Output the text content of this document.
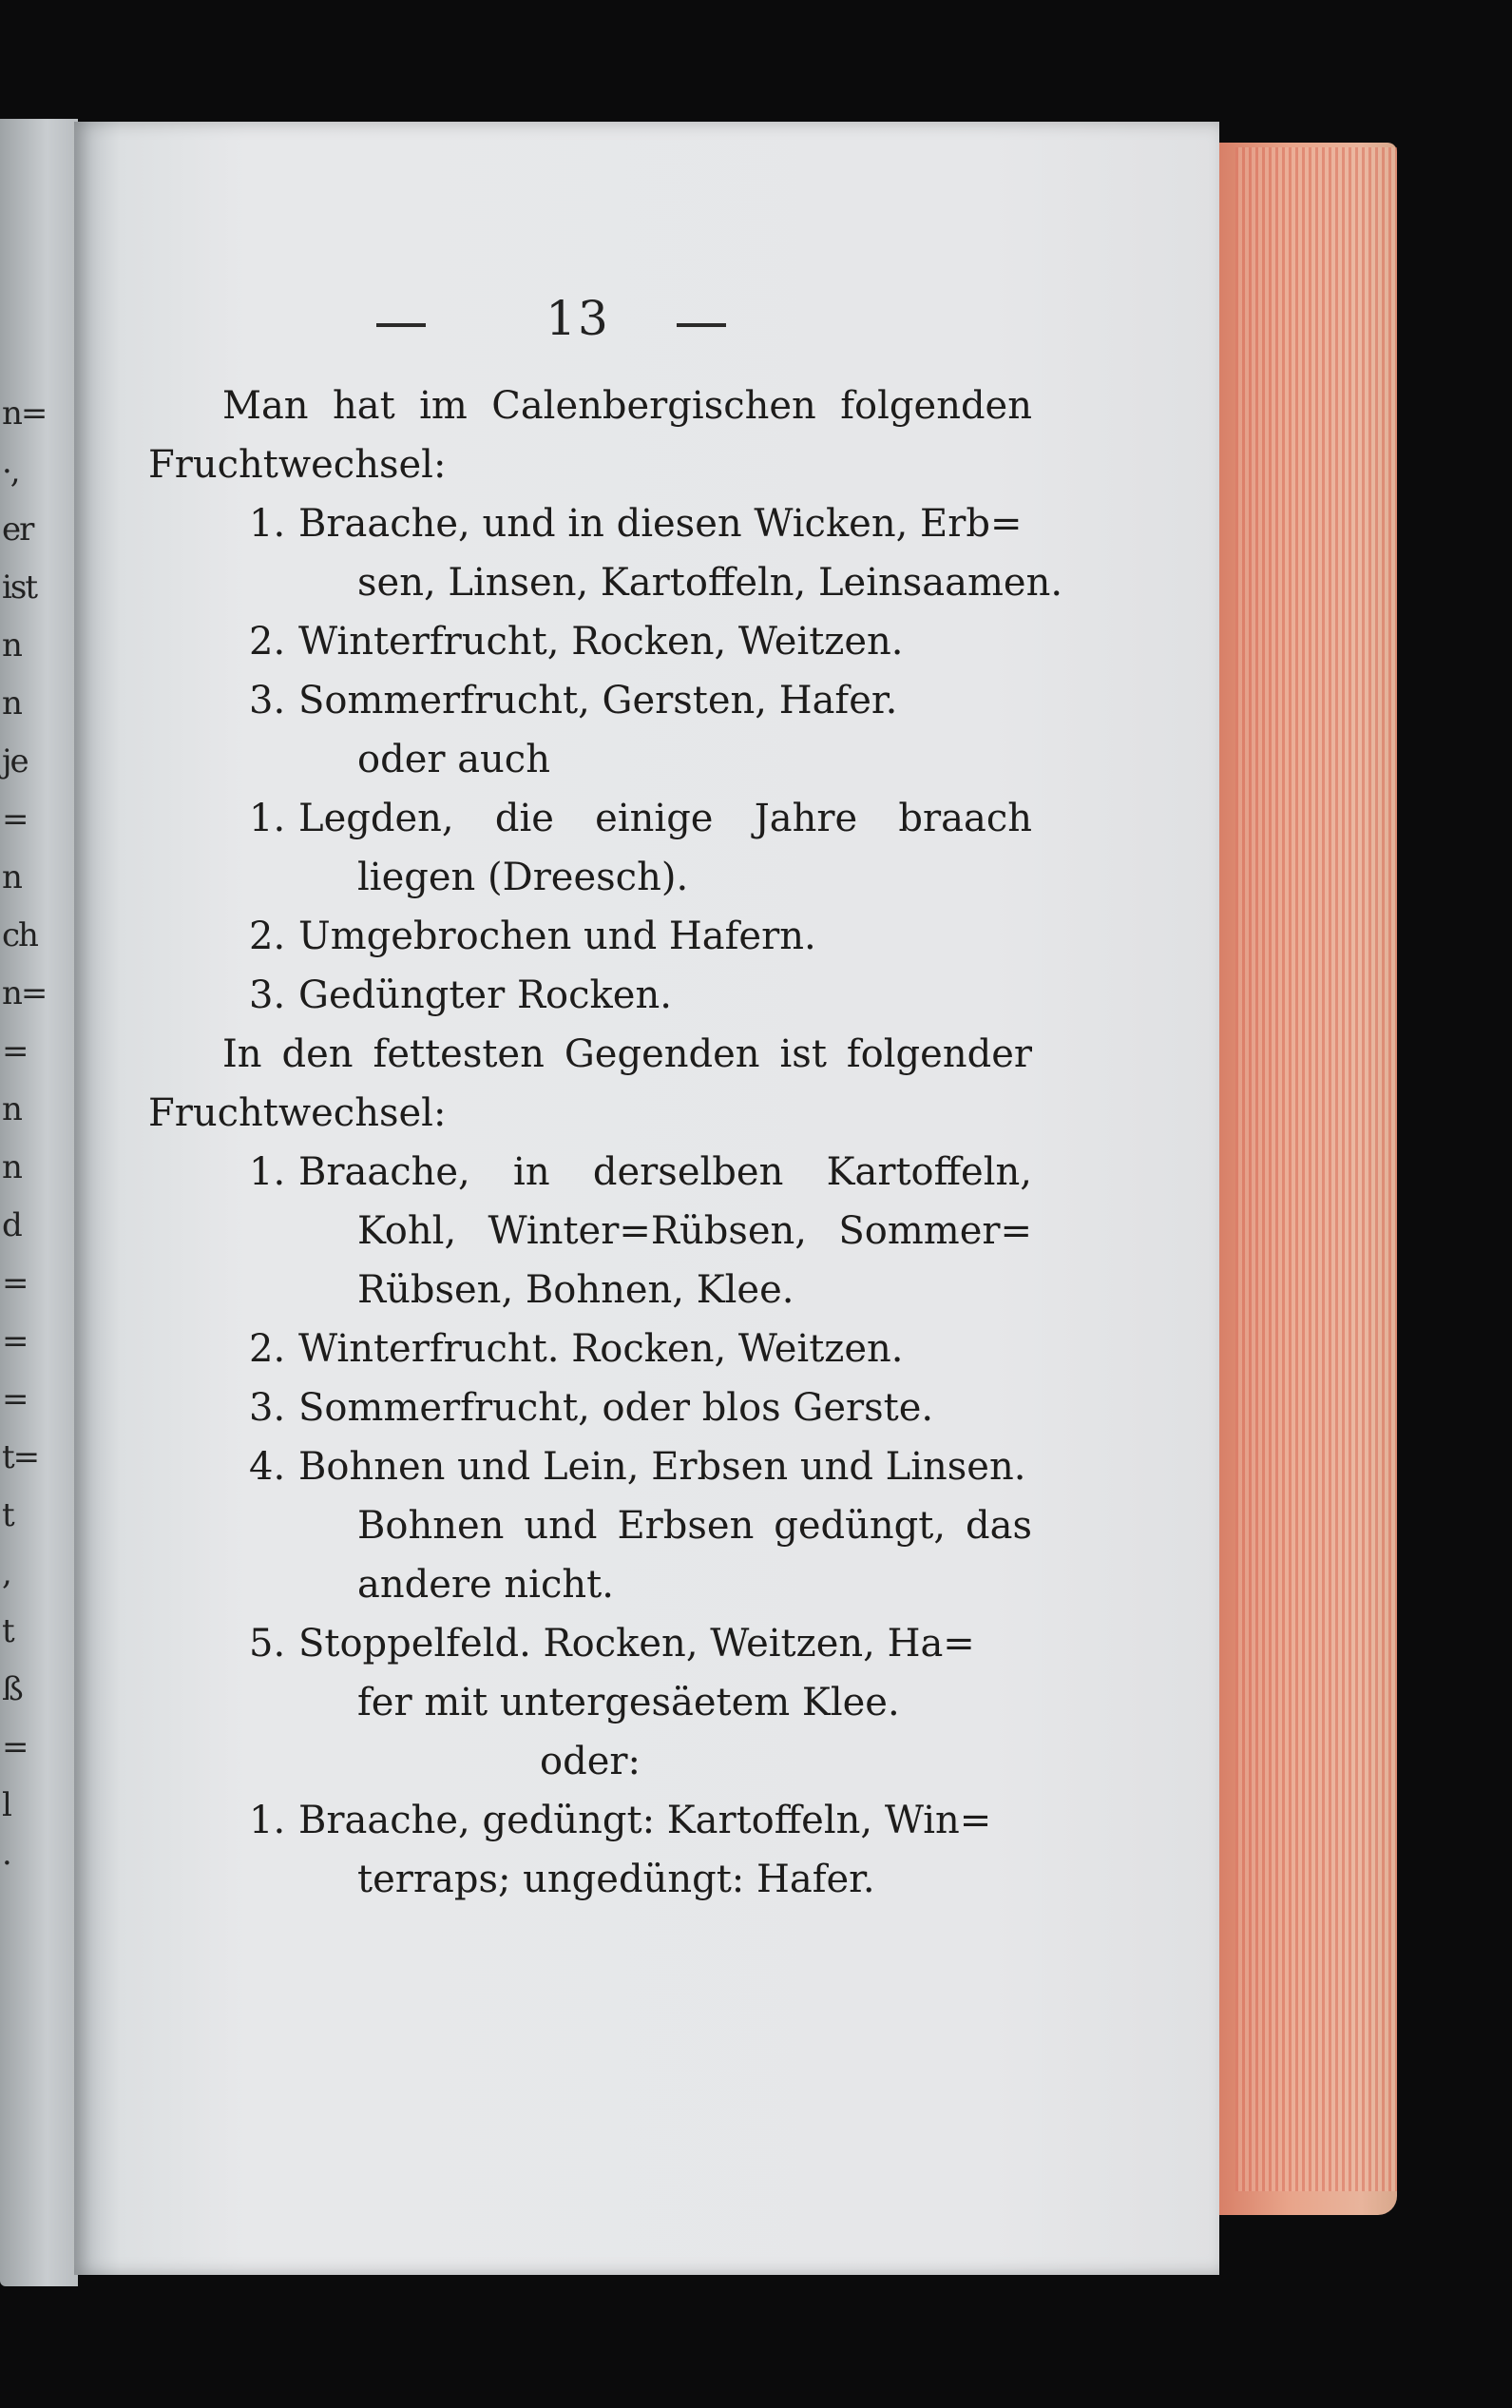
n=
·,
er
ist
n
n
je
=
n
ch
n=
=
n
n
d
=
=
=
t=
t
,
t
ß
=
l
·
13
Man hat im Calenbergischen folgenden
Fruchtwechsel:
1. Braache, und in diesen Wicken, Erb=
sen, Linsen, Kartoffeln, Leinsaamen.
2. Winterfrucht, Rocken, Weitzen.
3. Sommerfrucht, Gersten, Hafer.
oder auch
1. Legden, die einige Jahre braach
liegen (Dreesch).
2. Umgebrochen und Hafern.
3. Gedüngter Rocken.
In den fettesten Gegenden ist folgender
Fruchtwechsel:
1. Braache, in derselben Kartoffeln,
Kohl, Winter=Rübsen, Sommer=
Rübsen, Bohnen, Klee.
2. Winterfrucht. Rocken, Weitzen.
3. Sommerfrucht, oder blos Gerste.
4. Bohnen und Lein, Erbsen und Linsen.
Bohnen und Erbsen gedüngt, das
andere nicht.
5. Stoppelfeld. Rocken, Weitzen, Ha=
fer mit untergesäetem Klee.
oder:
1. Braache, gedüngt: Kartoffeln, Win=
terraps; ungedüngt: Hafer.
